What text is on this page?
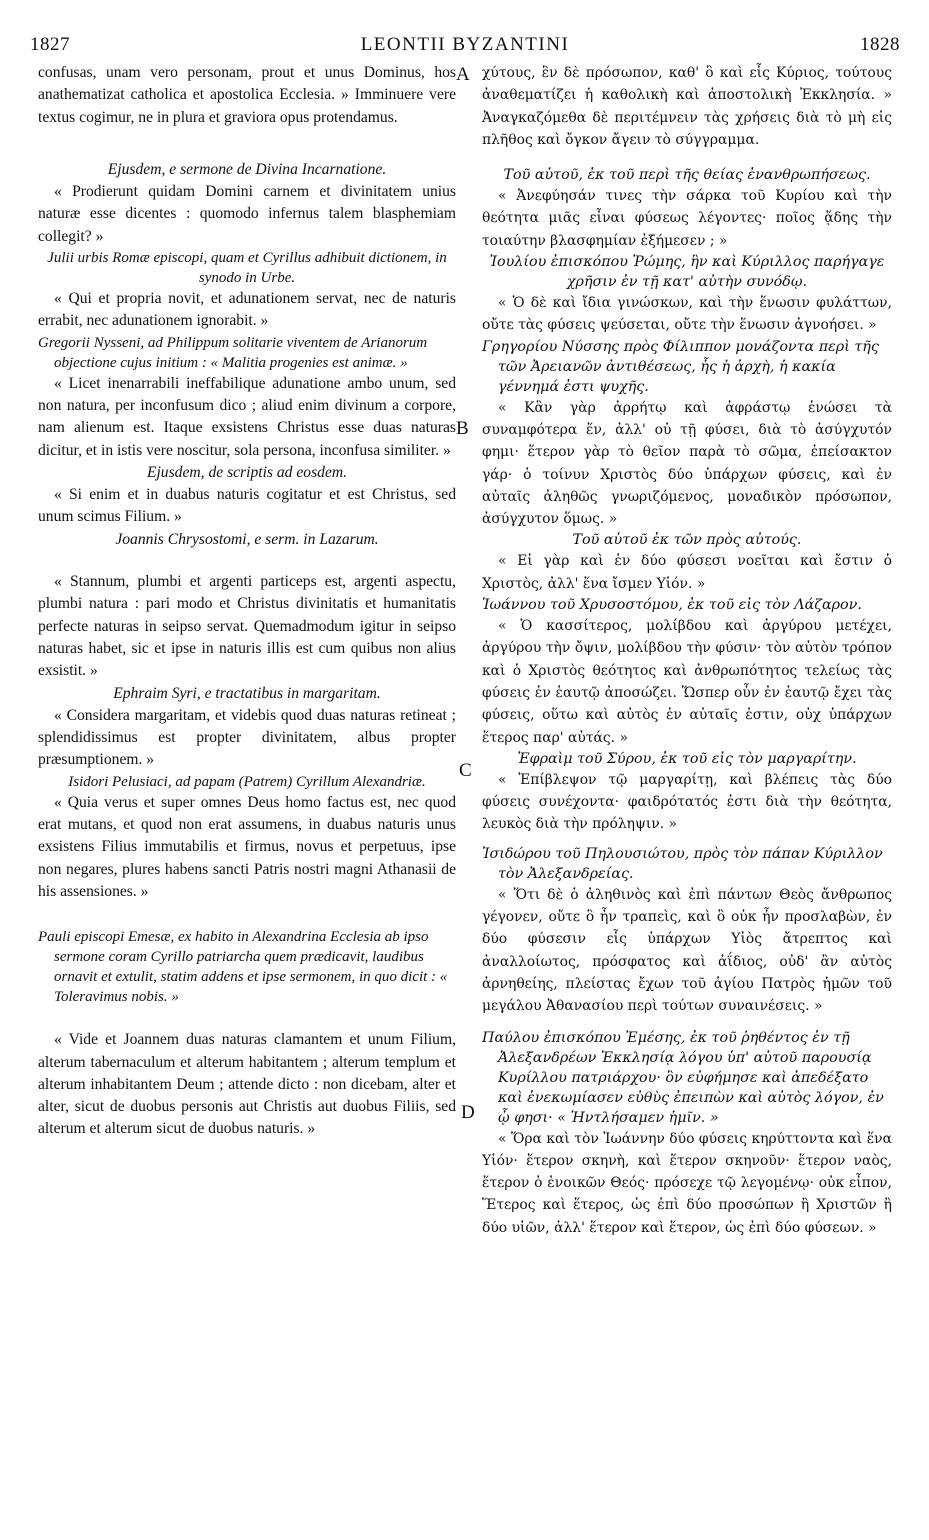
1827	LEONTII BYZANTINI	1828
A
B
C
D

confusas, unam vero personam, prout et unus Dominus, hos anathematizat catholica et apostolica Ecclesia. » Imminuere vere textus cogimur, ne in plura et graviora opus protendamus.

Ejusdem, e sermone de Divina Incarnatione.

« Prodierunt quidam Domini carnem et divinitatem unius naturæ esse dicentes : quomodo infernus talem blasphemiam collegit? »

Julii urbis Romæ episcopi, quam et Cyrillus adhibuit dictionem, in synodo in Urbe.

« Qui et propria novit, et adunationem servat, nec de naturis errabit, nec adunationem ignorabit. »

Gregorii Nysseni, ad Philippum solitarie viventem de Arianorum objectione cujus initium : « Malitia progenies est animæ. »

« Licet inenarrabili ineffabilique adunatione ambo unum, sed non natura, per inconfusum dico ; aliud enim divinum a corpore, nam alienum est. Itaque exsistens Christus esse duas naturas dicitur, et in istis vere noscitur, sola persona, inconfusa similiter. »

Ejusdem, de scriptis ad eosdem.

« Si enim et in duabus naturis cogitatur et est Christus, sed unum scimus Filium. »

Joannis Chrysostomi, e serm. in Lazarum.

« Stannum, plumbi et argenti particeps est, argenti aspectu, plumbi natura : pari modo et Christus divinitatis et humanitatis perfecte naturas in seipso servat. Quemadmodum igitur in seipso naturas habet, sic et ipse in naturis illis est cum quibus non alius exsistit. »

Ephraim Syri, e tractatibus in margaritam.

« Considera margaritam, et videbis quod duas naturas retineat ; splendidissimus est propter divinitatem, albus propter præsumptionem. »

Isidori Pelusiaci, ad papam (Patrem) Cyrillum Alexandriæ.

« Quia verus et super omnes Deus homo factus est, nec quod erat mutans, et quod non erat assumens, in duabus naturis unus exsistens Filius immutabilis et firmus, novus et perpetuus, ipse non negares, plures habens sancti Patris nostri magni Athanasii de his assensiones. »

Pauli episcopi Emesæ, ex habito in Alexandrina Ecclesia ab ipso sermone coram Cyrillo patriarcha quem prædicavit, laudibus ornavit et extulit, statim addens et ipse sermonem, in quo dicit : « Toleravimus nobis. »

« Vide et Joannem duas naturas clamantem et unum Filium, alterum tabernaculum et alterum habitantem ; alterum templum et alterum inhabitantem Deum ; attende dicto : non dicebam, alter et alter, sicut de duobus personis aut Christis aut duobus Filiis, sed alterum et alterum sicut de duobus naturis. »

χύτους, ἓν δὲ πρόσωπον, καθ' ὃ καὶ εἷς Κύριος, τούτους ἀναθεματίζει ἡ καθολικὴ καὶ ἀποστολικὴ Ἐκκλησία. » Ἀναγκαζόμεθα δὲ περιτέμνειν τὰς χρήσεις διὰ τὸ μὴ εἰς πλῆθος καὶ ὄγκον ἄγειν τὸ σύγγραμμα.

Τοῦ αὐτοῦ, ἐκ τοῦ περὶ τῆς θείας ἐνανθρωπήσεως.

« Ἀνεφύησάν τινες τὴν σάρκα τοῦ Κυρίου καὶ τὴν θεότητα μιᾶς εἶναι φύσεως λέγοντες· ποῖος ᾅδης τὴν τοιαύτην βλασφημίαν ἐξήμεσεν ; »

Ἰουλίου ἐπισκόπου Ῥώμης, ἣν καὶ Κύριλλος παρήγαγε χρῆσιν ἐν τῇ κατ' αὐτὴν συνόδῳ.

« Ὁ δὲ καὶ ἴδια γινώσκων, καὶ τὴν ἕνωσιν φυλάττων, οὔτε τὰς φύσεις ψεύσεται, οὔτε τὴν ἕνωσιν ἀγνοήσει. »

Γρηγορίου Νύσσης πρὸς Φίλιππον μονάζοντα περὶ τῆς τῶν Ἀρειανῶν ἀντιθέσεως, ἧς ἡ ἀρχὴ, ἡ κακία γέννημά ἐστι ψυχῆς.

« Κἂν γὰρ ἀρρήτῳ καὶ ἀφράστῳ ἑνώσει τὰ συναμφότερα ἕν, ἀλλ' οὐ τῇ φύσει, διὰ τὸ ἀσύγχυτόν φημι· ἕτερον γὰρ τὸ θεῖον παρὰ τὸ σῶμα, ἐπείσακτον γάρ· ὁ τοίνυν Χριστὸς δύο ὑπάρχων φύσεις, καὶ ἐν αὐταῖς ἀληθῶς γνωριζόμενος, μοναδικὸν πρόσωπον, ἀσύγχυτον ὅμως. »

Τοῦ αὐτοῦ ἐκ τῶν πρὸς αὐτούς.

« Εἰ γὰρ καὶ ἐν δύο φύσεσι νοεῖται καὶ ἔστιν ὁ Χριστὸς, ἀλλ' ἕνα ἴσμεν Υἱόν. »

Ἰωάννου τοῦ Χρυσοστόμου, ἐκ τοῦ εἰς τὸν Λάζαρον.

« Ὁ κασσίτερος, μολίβδου καὶ ἀργύρου μετέχει, ἀργύρου τὴν ὄψιν, μολίβδου τὴν φύσιν· τὸν αὐτὸν τρόπον καὶ ὁ Χριστὸς θεότητος καὶ ἀνθρωπότητος τελείως τὰς φύσεις ἐν ἑαυτῷ ἀποσώζει. Ὥσπερ οὖν ἐν ἑαυτῷ ἔχει τὰς φύσεις, οὕτω καὶ αὐτὸς ἐν αὐταῖς ἐστιν, οὐχ ὑπάρχων ἕτερος παρ' αὐτάς. »

Ἐφραὶμ τοῦ Σύρου, ἐκ τοῦ εἰς τὸν μαργαρίτην.

« Ἐπίβλεψον τῷ μαργαρίτῃ, καὶ βλέπεις τὰς δύο φύσεις συνέχοντα· φαιδρότατός ἐστι διὰ τὴν θεότητα, λευκὸς διὰ τὴν πρόληψιν. »

Ἰσιδώρου τοῦ Πηλουσιώτου, πρὸς τὸν πάπαν Κύριλλον τὸν Ἀλεξανδρείας.

« Ὅτι δὲ ὁ ἀληθινὸς καὶ ἐπὶ πάντων Θεὸς ἄνθρωπος γέγονεν, οὔτε ὃ ἦν τραπεὶς, καὶ ὃ οὐκ ἦν προσλαβὼν, ἐν δύο φύσεσιν εἷς ὑπάρχων Υἱὸς ἄτρεπτος καὶ ἀναλλοίωτος, πρόσφατος καὶ ἀΐδιος, οὐδ' ἂν αὐτὸς ἀρνηθείης, πλείστας ἔχων τοῦ ἁγίου Πατρὸς ἡμῶν τοῦ μεγάλου Ἀθανασίου περὶ τούτων συναινέσεις. »

Παύλου ἐπισκόπου Ἐμέσης, ἐκ τοῦ ῥηθέντος ἐν τῇ Ἀλεξανδρέων Ἐκκλησίᾳ λόγου ὑπ' αὐτοῦ παρουσίᾳ Κυρίλλου πατριάρχου· ὃν εὐφήμησε καὶ ἀπεδέξατο καὶ ἐνεκωμίασεν εὐθὺς ἐπειπὼν καὶ αὐτὸς λόγον, ἐν ᾧ φησι· « Ἠντλήσαμεν ἡμῖν. »

« Ὅρα καὶ τὸν Ἰωάννην δύο φύσεις κηρύττοντα καὶ ἕνα Υἱόν· ἕτερον σκηνὴ, καὶ ἕτερον σκηνοῦν· ἕτερον ναὸς, ἕτερον ὁ ἐνοικῶν Θεός· πρόσεχε τῷ λεγομένῳ· οὐκ εἶπον, Ἕτερος καὶ ἕτερος, ὡς ἐπὶ δύο προσώπων ἢ Χριστῶν ἢ δύο υἱῶν, ἀλλ' ἕτερον καὶ ἕτερον, ὡς ἐπὶ δύο φύσεων. »
